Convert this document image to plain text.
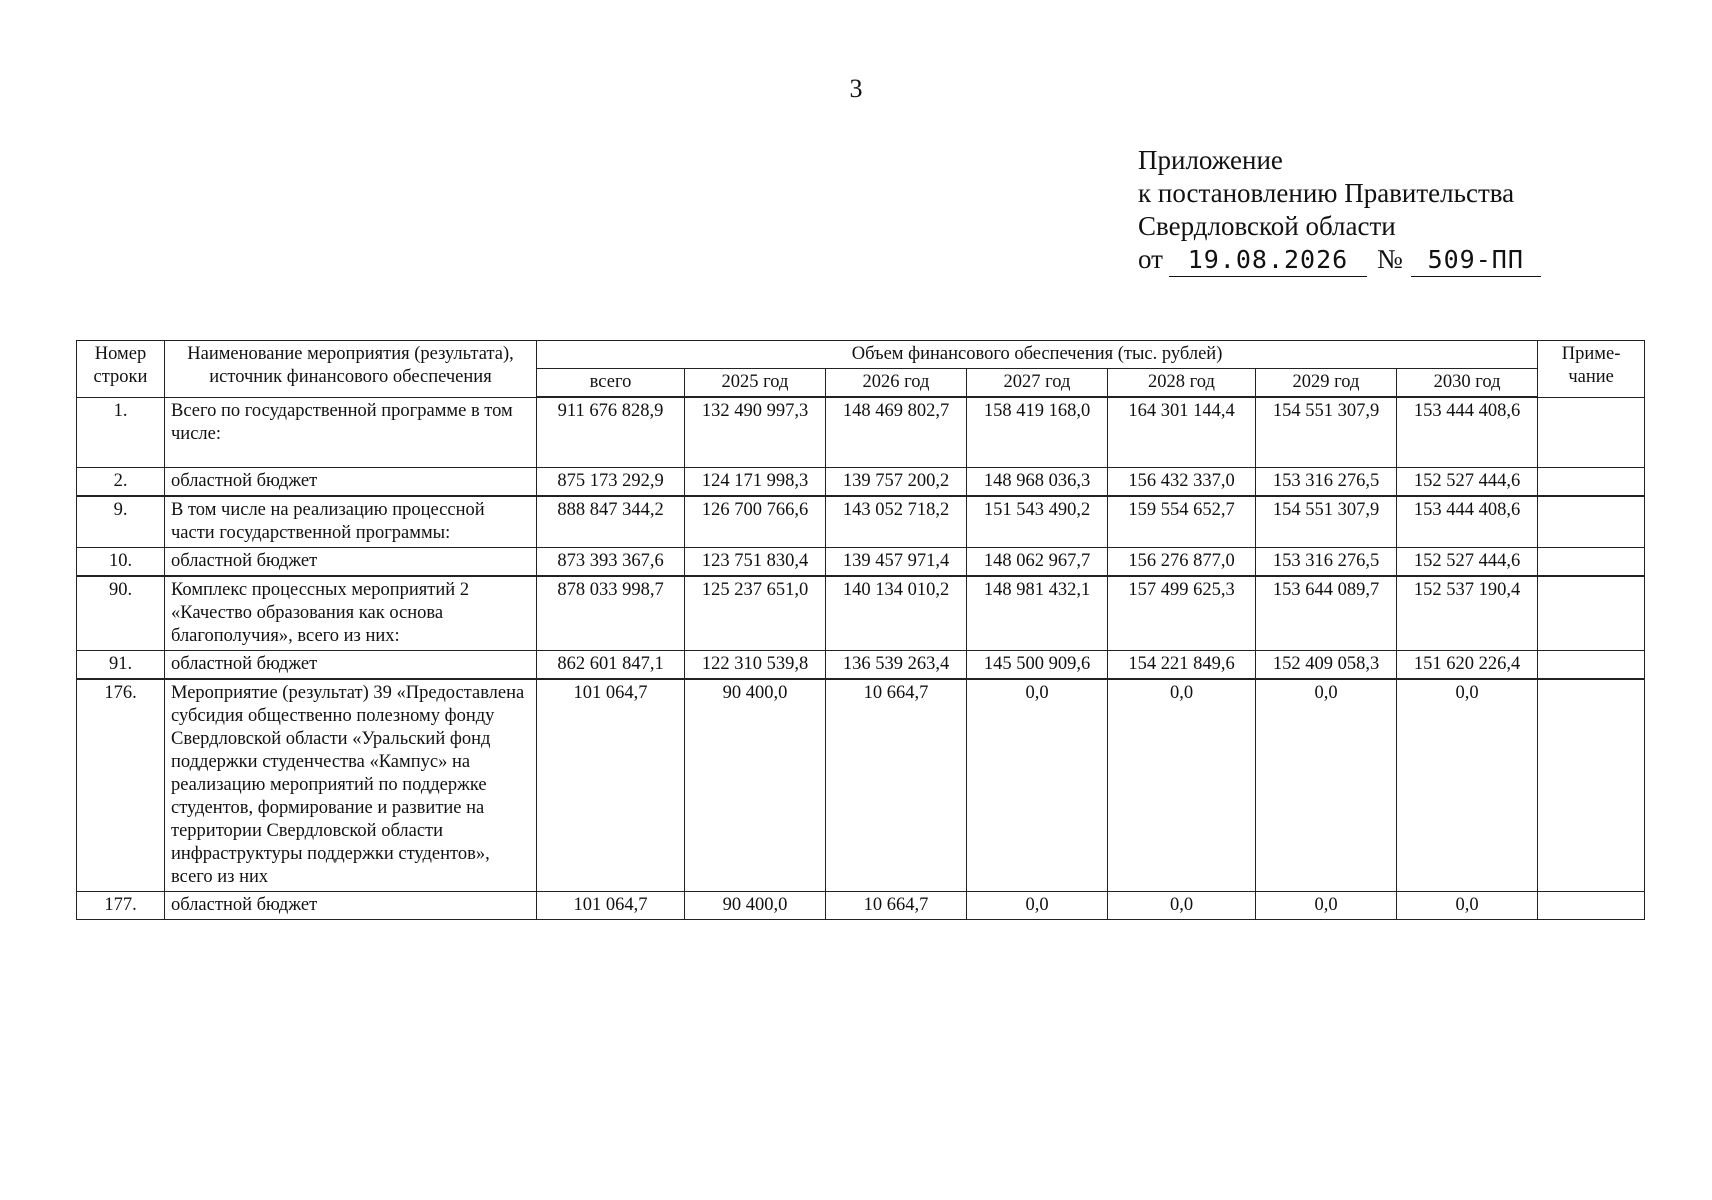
3
Приложение
к постановлению Правительства
Свердловской области
от 19.08.2026 № 509-ПП
Номер строки	Наименование мероприятия (результата), источник финансового обеспечения	Объем финансового обеспечения (тыс. рублей)							Приме-чание
		всего	2025 год	2026 год	2027 год	2028 год	2029 год	2030 год	
1.	Всего по государственной программе в том числе:	911 676 828,9	132 490 997,3	148 469 802,7	158 419 168,0	164 301 144,4	154 551 307,9	153 444 408,6	
2.	областной бюджет	875 173 292,9	124 171 998,3	139 757 200,2	148 968 036,3	156 432 337,0	153 316 276,5	152 527 444,6	
9.	В том числе на реализацию процессной части государственной программы:	888 847 344,2	126 700 766,6	143 052 718,2	151 543 490,2	159 554 652,7	154 551 307,9	153 444 408,6	
10.	областной бюджет	873 393 367,6	123 751 830,4	139 457 971,4	148 062 967,7	156 276 877,0	153 316 276,5	152 527 444,6	
90.	Комплекс процессных мероприятий 2 «Качество образования как основа благополучия», всего из них:	878 033 998,7	125 237 651,0	140 134 010,2	148 981 432,1	157 499 625,3	153 644 089,7	152 537 190,4	
91.	областной бюджет	862 601 847,1	122 310 539,8	136 539 263,4	145 500 909,6	154 221 849,6	152 409 058,3	151 620 226,4	
176.	Мероприятие (результат) 39 «Предоставлена субсидия общественно полезному фонду Свердловской области «Уральский фонд поддержки студенчества «Кампус» на реализацию мероприятий по поддержке студентов, формирование и развитие на территории Свердловской области инфраструктуры поддержки студентов», всего из них	101 064,7	90 400,0	10 664,7	0,0	0,0	0,0	0,0	
177.	областной бюджет	101 064,7	90 400,0	10 664,7	0,0	0,0	0,0	0,0	
